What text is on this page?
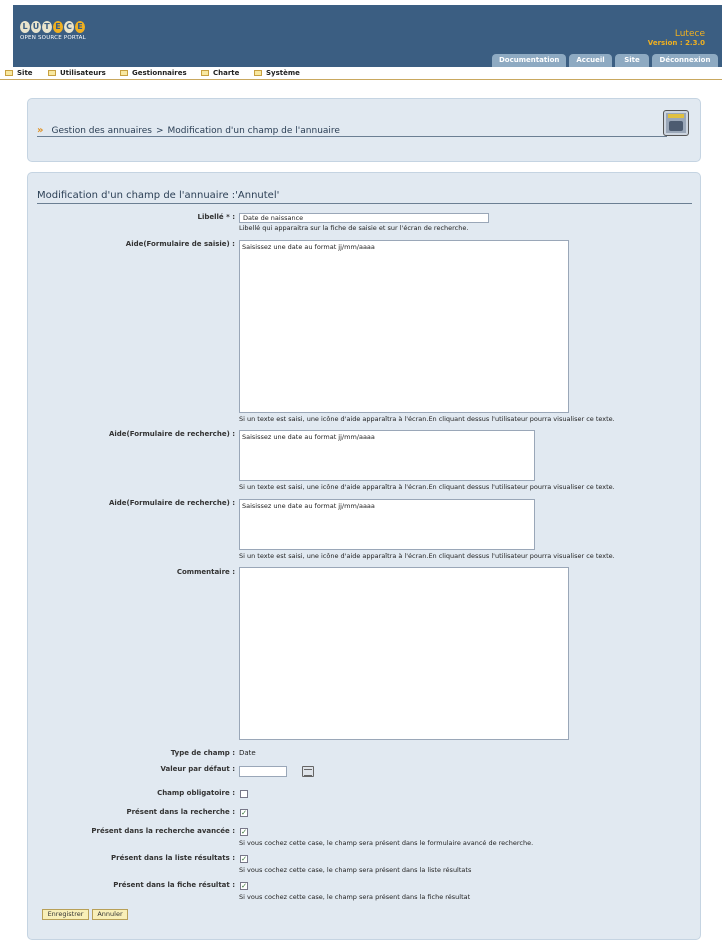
L U T E C E
OPEN SOURCE PORTAL	Lutece
Version : 2.3.0
Documentation	Accueil	Site	Déconnexion
Site	Utilisateurs	Gestionnaires	Charte	Système
» Gestion des annuaires > Modification d'un champ de l'annuaire
Modification d'un champ de l'annuaire :'Annutel'
Libellé * :	Date de naissance
Libellé qui apparaitra sur la fiche de saisie et sur l'écran de recherche.
Aide(Formulaire de saisie) :	Saisissez une date au format jj/mm/aaaa
Si un texte est saisi, une icône d'aide apparaîtra à l'écran.En cliquant dessus l'utilisateur pourra visualiser ce texte.
Aide(Formulaire de recherche) :	Saisissez une date au format jj/mm/aaaa
Si un texte est saisi, une icône d'aide apparaîtra à l'écran.En cliquant dessus l'utilisateur pourra visualiser ce texte.
Aide(Formulaire de recherche) :	Saisissez une date au format jj/mm/aaaa
Si un texte est saisi, une icône d'aide apparaîtra à l'écran.En cliquant dessus l'utilisateur pourra visualiser ce texte.
Commentaire :
Type de champ : Date
Valeur par défaut :
Champ obligatoire :
Présent dans la recherche : ✓
Présent dans la recherche avancée : ✓
Si vous cochez cette case, le champ sera présent dans le formulaire avancé de recherche.
Présent dans la liste résultats : ✓
Si vous cochez cette case, le champ sera présent dans la liste résultats
Présent dans la fiche résultat : ✓
Si vous cochez cette case, le champ sera présent dans la fiche résultat
Enregistrer	Annuler
